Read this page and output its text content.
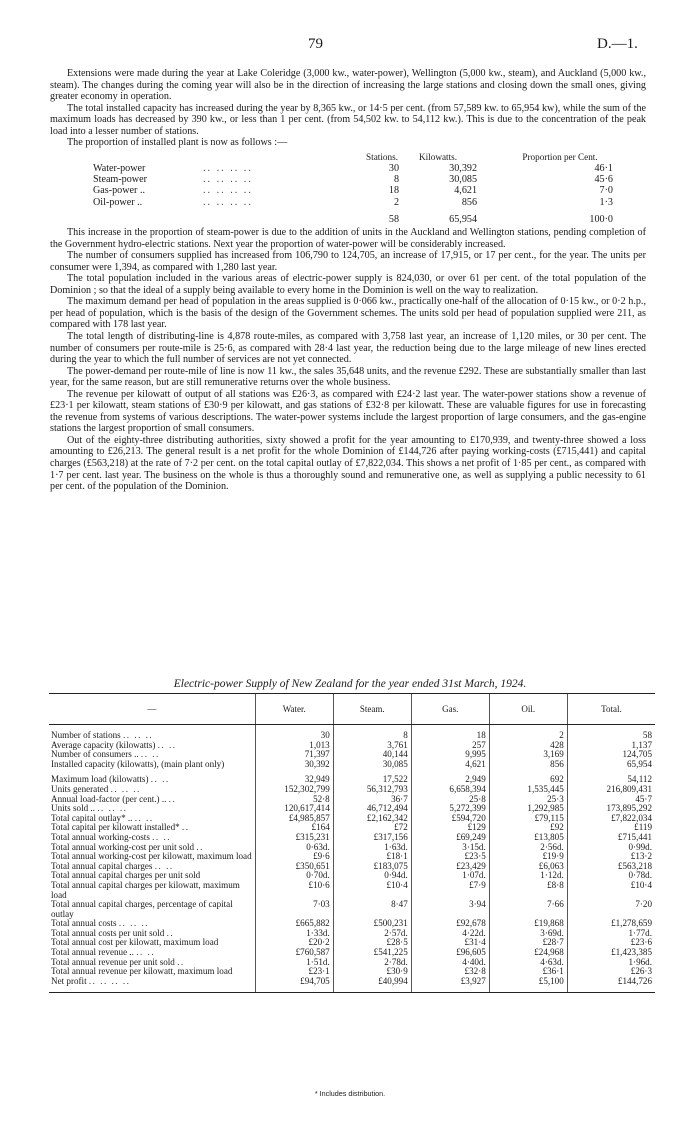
79	D.—1.

Extensions were made during the year at Lake Coleridge (3,000 kw., water-power), Wellington (5,000 kw., steam), and Auckland (5,000 kw., steam). The changes during the coming year will also be in the direction of increasing the large stations and closing down the small ones, giving greater economy in operation.

The total installed capacity has increased during the year by 8,365 kw., or 14·5 per cent. (from 57,589 kw. to 65,954 kw), while the sum of the maximum loads has decreased by 390 kw., or less than 1 per cent. (from 54,502 kw. to 54,112 kw.). This is due to the concentration of the peak load into a lesser number of stations.

The proportion of installed plant is now as follows :—

		Stations.	Kilowatts.	Proportion per Cent.
Water-power	.. .. .. ..	30	30,392	46·1
Steam-power	.. .. .. ..	8	30,085	45·6
Gas-power ..	.. .. .. ..	18	4,621	7·0
Oil-power ..	.. .. .. ..	2	856	1·3
		58	65,954	100·0

This increase in the proportion of steam-power is due to the addition of units in the Auckland and Wellington stations, pending completion of the Government hydro-electric stations. Next year the proportion of water-power will be considerably increased.

The number of consumers supplied has increased from 106,790 to 124,705, an increase of 17,915, or 17 per cent., for the year. The units per consumer were 1,394, as compared with 1,280 last year.

The total population included in the various areas of electric-power supply is 824,030, or over 61 per cent. of the total population of the Dominion ; so that the ideal of a supply being available to every home in the Dominion is well on the way to realization.

The maximum demand per head of population in the areas supplied is 0·066 kw., practically one-half of the allocation of 0·15 kw., or 0·2 h.p., per head of population, which is the basis of the design of the Government schemes. The units sold per head of population supplied were 211, as compared with 178 last year.

The total length of distributing-line is 4,878 route-miles, as compared with 3,758 last year, an increase of 1,120 miles, or 30 per cent. The number of consumers per route-mile is 25·6, as compared with 28·4 last year, the reduction being due to the large mileage of new lines erected during the year to which the full number of services are not yet connected.

The power-demand per route-mile of line is now 11 kw., the sales 35,648 units, and the revenue £292. These are substantially smaller than last year, for the same reason, but are still remunerative returns over the whole business.

The revenue per kilowatt of output of all stations was £26·3, as compared with £24·2 last year. The water-power stations show a revenue of £23·1 per kilowatt, steam stations of £30·9 per kilowatt, and gas stations of £32·8 per kilowatt. These are valuable figures for use in forecasting the revenue from systems of various descriptions. The water-power systems include the largest proportion of large consumers, and the gas-engine stations the largest proportion of small consumers.

Out of the eighty-three distributing authorities, sixty showed a profit for the year amounting to £170,939, and twenty-three showed a loss amounting to £26,213. The general result is a net profit for the whole Dominion of £144,726 after paying working-costs (£715,441) and capital charges (£563,218) at the rate of 7·2 per cent. on the total capital outlay of £7,822,034. This shows a net profit of 1·85 per cent., as compared with 1·7 per cent. last year. The business on the whole is thus a thoroughly sound and remunerative one, as well as supplying a public necessity to 61 per cent. of the population of the Dominion.

Electric-power Supply of New Zealand for the year ended 31st March, 1924.
—	Water.	Steam.	Gas.	Oil.	Total.

Number of stations .. .. ..	30	8	18	2	58
Average capacity (kilowatts) .. ..	1,013	3,761	257	428	1,137
Number of consumers .. .. ..	71,397	40,144	9,995	3,169	124,705
Installed capacity (kilowatts), (main plant only)	30,392	30,085	4,621	856	65,954

Maximum load (kilowatts) .. ..	32,949	17,522	2,949	692	54,112
Units generated .. .. ..	152,302,799	56,312,793	6,658,394	1,535,445	216,809,431
Annual load-factor (per cent.) .. ..	52·8	36·7	25·8	25·3	45·7
Units sold .. .. .. ..	120,617,414	46,712,494	5,272,399	1,292,985	173,895,292
Total capital outlay* .. .. ..	£4,985,857	£2,162,342	£594,720	£79,115	£7,822,034
Total capital per kilowatt installed* ..	£164	£72	£129	£92	£119
Total annual working-costs .. ..	£315,231	£317,156	£69,249	£13,805	£715,441
Total annual working-cost per unit sold ..	0·63d.	1·63d.	3·15d.	2·56d.	0·99d.
Total annual working-cost per kilowatt, maximum load	£9·6	£18·1	£23·5	£19·9	£13·2
Total annual capital charges .. ..	£350,651	£183,075	£23,429	£6,063	£563,218
Total annual capital charges per unit sold	0·70d.	0·94d.	1·07d.	1·12d.	0·78d.
Total annual capital charges per kilowatt, maximum load	£10·6	£10·4	£7·9	£8·8	£10·4
Total annual capital charges, percentage of capital outlay	7·03	8·47	3·94	7·66	7·20
Total annual costs .. .. ..	£665,882	£500,231	£92,678	£19,868	£1,278,659
Total annual costs per unit sold ..	1·33d.	2·57d.	4·22d.	3·69d.	1·77d.
Total annual cost per kilowatt, maximum load	£20·2	£28·5	£31·4	£28·7	£23·6
Total annual revenue .. .. ..	£760,587	£541,225	£96,605	£24,968	£1,423,385
Total annual revenue per unit sold ..	1·51d.	2·78d.	4·40d.	4·63d.	1·96d.
Total annual revenue per kilowatt, maximum load	£23·1	£30·9	£32·8	£36·1	£26·3
Net profit .. .. .. ..	£94,705	£40,994	£3,927	£5,100	£144,726

* Includes distribution.
